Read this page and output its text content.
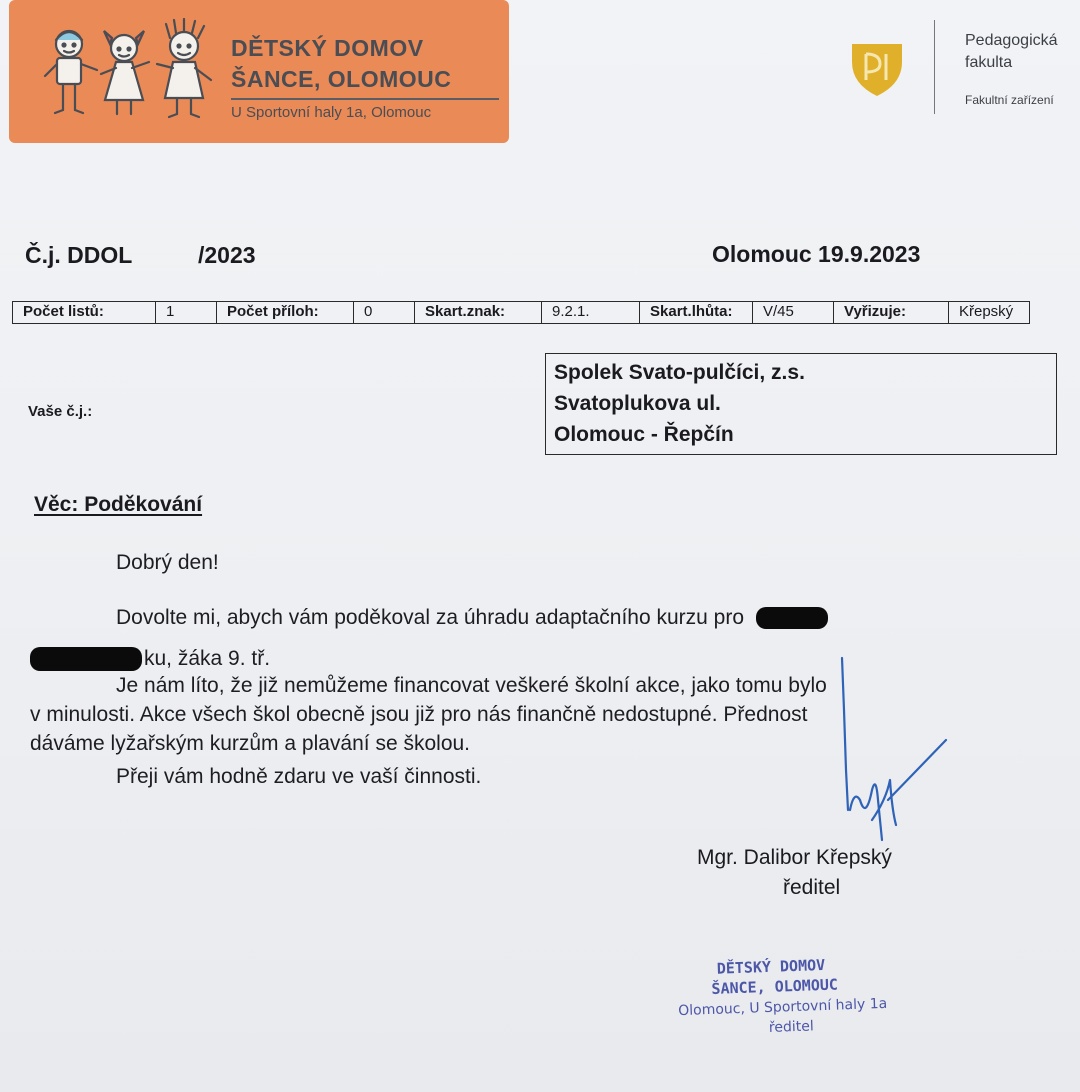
DĚTSKÝ DOMOV
ŠANCE, OLOMOUC
U Sportovní haly 1a, Olomouc
Pedagogická
fakulta
Fakultní zařízení
Č.j. DDOL	/2023	Olomouc 19.9.2023
Počet listů:	1	Počet příloh:	0	Skart.znak:	9.2.1.	Skart.lhůta:	V/45	Vyřizuje:	Křepský
Vaše č.j.:
Spolek Svato-pulčíci, z.s.
Svatoplukova ul.
Olomouc - Řepčín
Věc: Poděkování
Dobrý den!
Dovolte mi, abych vám poděkoval za úhradu adaptačního kurzu pro
ku, žáka 9. tř.
Je nám líto, že již nemůžeme financovat veškeré školní akce, jako tomu bylo
v minulosti. Akce všech škol obecně jsou již pro nás finančně nedostupné. Přednost
dáváme lyžařským kurzům a plavání se školou.
Přeji vám hodně zdaru ve vaší činnosti.
Mgr. Dalibor Křepský
ředitel
DĚTSKÝ DOMOV
ŠANCE, OLOMOUC
Olomouc, U Sportovní haly 1a
ředitel
